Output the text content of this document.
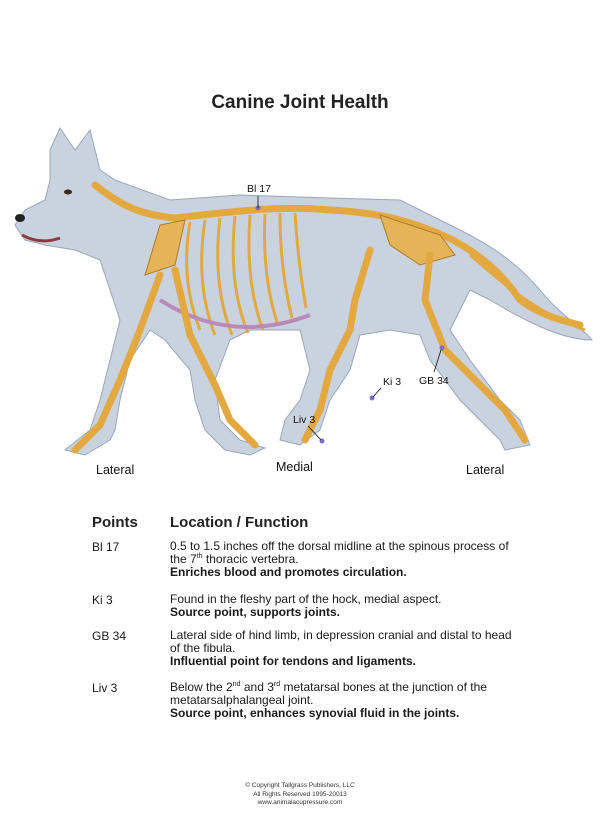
Canine Joint Health
Bl 17
Ki 3 GB 34
Liv 3
Lateral	Medial	Lateral
Points Location / Function
Bl 17	0.5 to 1.5 inches off the dorsal midline at the spinous process of
the 7th thoracic vertebra.
Enriches blood and promotes circulation.
Ki 3	Found in the fleshy part of the hock, medial aspect.
Source point, supports joints.
GB 34	Lateral side of hind limb, in depression cranial and distal to head
of the fibula.
Influential point for tendons and ligaments.
Liv 3	Below the 2nd and 3rd metatarsal bones at the junction of the
metatarsalphalangeal joint.
Source point, enhances synovial fluid in the joints.
© Copyright Tallgrass Publishers, LLC
All Rights Reserved 1995-20013
www.animalacupressure.com
